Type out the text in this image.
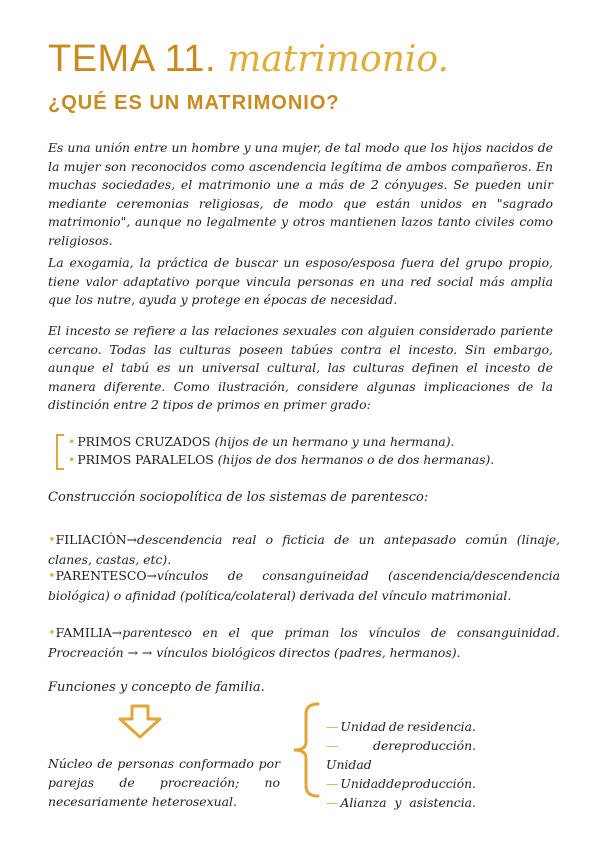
TEMA 11. matrimonio.
¿QUÉ ES UN MATRIMONIO?
Es una unión entre un hombre y una mujer, de tal modo que los hijos nacidos de la mujer son reconocidos como ascendencia legítima de ambos compañeros. En muchas sociedades, el matrimonio une a más de 2 cónyuges. Se pueden unir mediante ceremonias religiosas, de modo que están unidos en "sagrado matrimonio", aunque no legalmente y otros mantienen lazos tanto civiles como religiosos.
La exogamia, la práctica de buscar un esposo/esposa fuera del grupo propio, tiene valor adaptativo porque vincula personas en una red social más amplia que los nutre, ayuda y protege en épocas de necesidad.
El incesto se refiere a las relaciones sexuales con alguien considerado pariente cercano. Todas las culturas poseen tabúes contra el incesto. Sin embargo, aunque el tabú es un universal cultural, las culturas definen el incesto de manera diferente. Como ilustración, considere algunas implicaciones de la distinción entre 2 tipos de primos en primer grado:
• PRIMOS CRUZADOS (hijos de un hermano y una hermana).
• PRIMOS PARALELOS (hijos de dos hermanos o de dos hermanas).
Construcción sociopolítica de los sistemas de parentesco:
•FILIACIÓN→descendencia real o ficticia de un antepasado común (linaje, clanes, castas, etc).
•PARENTESCO→vínculos de consanguineidad (ascendencia/descendencia biológica) o afinidad (política/colateral) derivada del vínculo matrimonial.
•FAMILIA→parentesco en el que priman los vínculos de consanguinidad. Procreación → → vínculos biológicos directos (padres, hermanos).
Funciones y concepto de familia.
Núcleo de personas conformado por parejas de procreación; no necesariamente heterosexual.
— Unidad de residencia.
—Unidad
de reproducción.
— Unidad de producción.
— Alianza y asistencia.
